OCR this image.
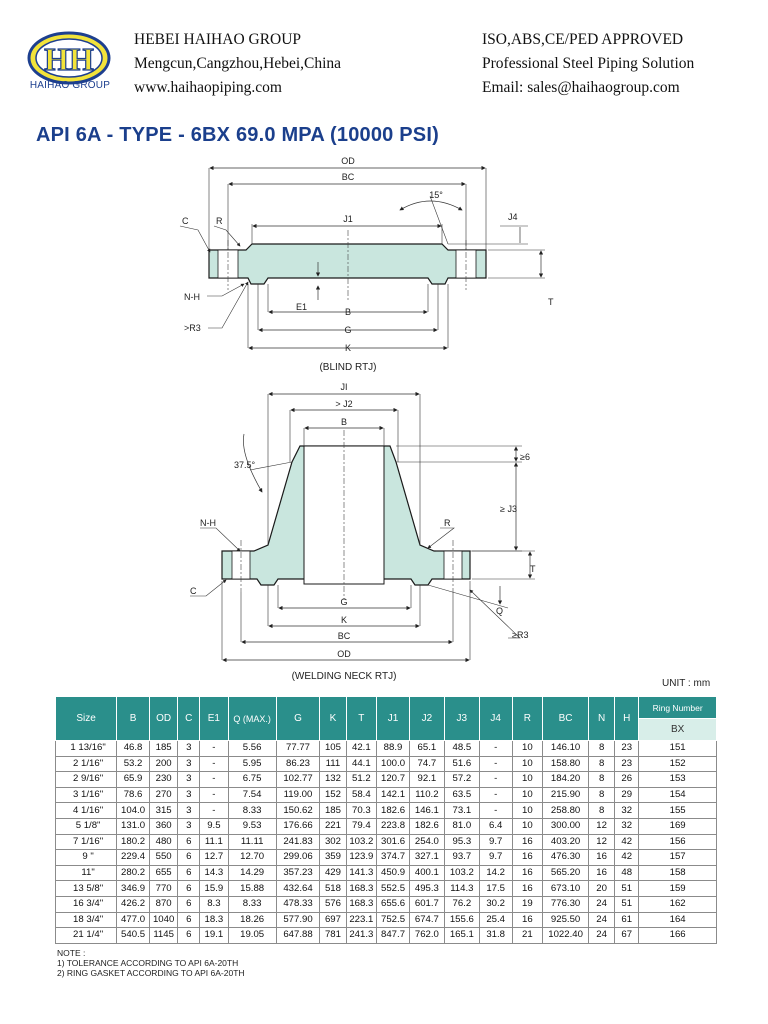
HH
HAIHAO GROUP
HEBEI HAIHAO GROUP
Mengcun,Cangzhou,Hebei,China
www.haihaopiping.com
ISO,ABS,CE/PED APPROVED
Professional Steel Piping Solution
Email: sales@haihaogroup.com
API 6A - TYPE - 6BX 69.0 MPA (10000 PSI)
OD
BC
15°
J4
C	R	J1
N-H
E1	B
G
K
T
>R3
(BLIND RTJ)
JI
> J2
B
37.5°
≥6
≥ J3
N-H	R
T
C
G
Q
K
≥R3
BC
OD
(WELDING NECK RTJ)
UNIT : mm
Size	B	OD	C	E1	Q (MAX.)	G	K	T	J1	J2	J3	J4	R	BC	N	H	Ring Number
																	BX
1 13/16"	46.8	185	3	-	5.56	77.77	105	42.1	88.9	65.1	48.5	-	10	146.10	8	23	151
2 1/16"	53.2	200	3	-	5.95	86.23	111	44.1	100.0	74.7	51.6	-	10	158.80	8	23	152
2 9/16"	65.9	230	3	-	6.75	102.77	132	51.2	120.7	92.1	57.2	-	10	184.20	8	26	153
3 1/16"	78.6	270	3	-	7.54	119.00	152	58.4	142.1	110.2	63.5	-	10	215.90	8	29	154
4 1/16"	104.0	315	3	-	8.33	150.62	185	70.3	182.6	146.1	73.1	-	10	258.80	8	32	155
5 1/8"	131.0	360	3	9.5	9.53	176.66	221	79.4	223.8	182.6	81.0	6.4	10	300.00	12	32	169
7 1/16"	180.2	480	6	11.1	11.11	241.83	302	103.2	301.6	254.0	95.3	9.7	16	403.20	12	42	156
9 "	229.4	550	6	12.7	12.70	299.06	359	123.9	374.7	327.1	93.7	9.7	16	476.30	16	42	157
11"	280.2	655	6	14.3	14.29	357.23	429	141.3	450.9	400.1	103.2	14.2	16	565.20	16	48	158
13 5/8"	346.9	770	6	15.9	15.88	432.64	518	168.3	552.5	495.3	114.3	17.5	16	673.10	20	51	159
16 3/4"	426.2	870	6	8.3	8.33	478.33	576	168.3	655.6	601.7	76.2	30.2	19	776.30	24	51	162
18 3/4"	477.0	1040	6	18.3	18.26	577.90	697	223.1	752.5	674.7	155.6	25.4	16	925.50	24	61	164
21 1/4"	540.5	1145	6	19.1	19.05	647.88	781	241.3	847.7	762.0	165.1	31.8	21	1022.40	24	67	166
NOTE :
1) TOLERANCE ACCORDING TO API 6A-20TH
2) RING GASKET ACCORDING TO API 6A-20TH
